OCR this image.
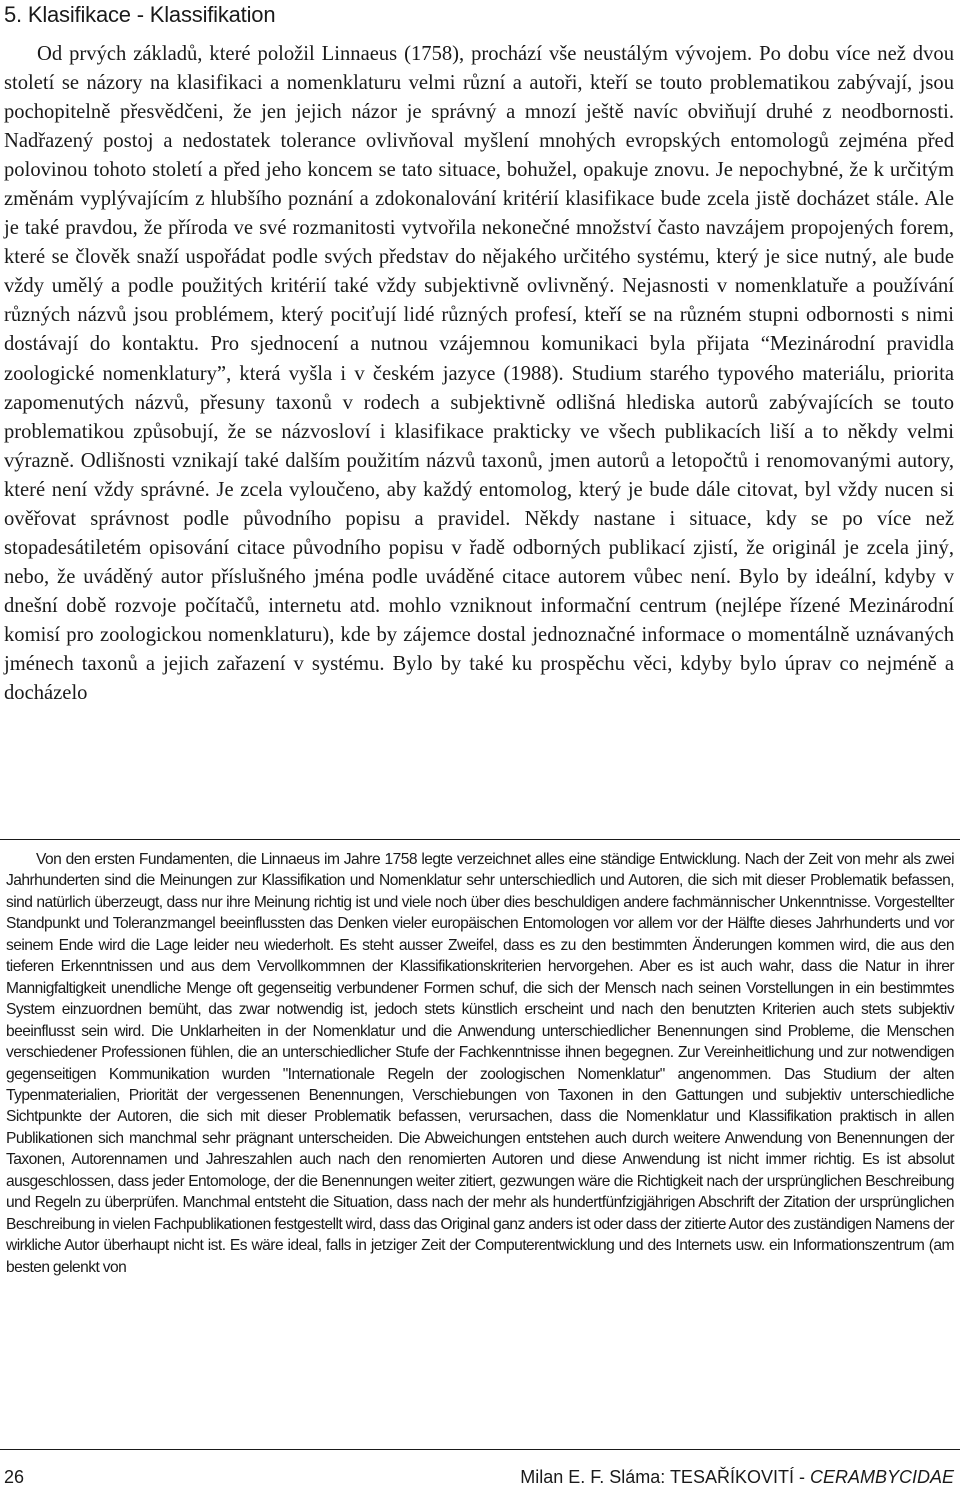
5. Klasifikace - Klassifikation

Od prvých základů, které položil Linnaeus (1758), prochází vše neustálým vývojem. Po dobu více než dvou století se názory na klasifikaci a nomenklaturu velmi různí a autoři, kteří se touto problematikou zabývají, jsou pochopitelně přesvědčeni, že jen jejich názor je správný a mnozí ještě navíc obviňují druhé z neodbornosti. Nadřazený postoj a nedostatek tolerance ovlivňoval myšlení mnohých evropských entomologů zejména před polovinou tohoto století a před jeho koncem se tato situace, bohužel, opakuje znovu. Je nepochybné, že k určitým změnám vyplývajícím z hlubšího poznání a zdokonalování kritérií klasifikace bude zcela jistě docházet stále. Ale je také pravdou, že příroda ve své rozmanitosti vytvořila nekonečné množství často navzájem propojených forem, které se člověk snaží uspořádat podle svých představ do nějakého určitého systému, který je sice nutný, ale bude vždy umělý a podle použitých kritérií také vždy subjektivně ovlivněný. Nejasnosti v nomenklatuře a používání různých názvů jsou problémem, který pociťují lidé různých profesí, kteří se na různém stupni odbornosti s nimi dostávají do kontaktu. Pro sjednocení a nutnou vzájemnou komunikaci byla přijata “Mezinárodní pravidla zoologické nomenklatury”, která vyšla i v českém jazyce (1988). Studium starého typového materiálu, priorita zapomenutých názvů, přesuny taxonů v rodech a subjektivně odlišná hlediska autorů zabývajících se touto problematikou způsobují, že se názvosloví i klasifikace prakticky ve všech publikacích liší a to někdy velmi výrazně. Odlišnosti vznikají také dalším použitím názvů taxonů, jmen autorů a letopočtů i renomovanými autory, které není vždy správné. Je zcela vyloučeno, aby každý entomolog, který je bude dále citovat, byl vždy nucen si ověřovat správnost podle původního popisu a pravidel. Někdy nastane i situace, kdy se po více než stopadesátiletém opisování citace původního popisu v řadě odborných publikací zjistí, že originál je zcela jiný, nebo, že uváděný autor příslušného jména podle uváděné citace autorem vůbec není. Bylo by ideální, kdyby v dnešní době rozvoje počítačů, internetu atd. mohlo vzniknout informační centrum (nejlépe řízené Mezinárodní komisí pro zoologickou nomenklaturu), kde by zájemce dostal jednoznačné informace o momentálně uznávaných jménech taxonů a jejich zařazení v systému. Bylo by také ku prospěchu věci, kdyby bylo úprav co nejméně a docházelo

Von den ersten Fundamenten, die Linnaeus im Jahre 1758 legte verzeichnet alles eine ständige Entwicklung. Nach der Zeit von mehr als zwei Jahrhunderten sind die Meinungen zur Klassifikation und Nomenklatur sehr unterschiedlich und Autoren, die sich mit dieser Problematik befassen, sind natürlich überzeugt, dass nur ihre Meinung richtig ist und viele noch über dies beschuldigen andere fachmännischer Unkenntnisse. Vorgestellter Standpunkt und Toleranzmangel beeinflussten das Denken vieler europäischen Entomologen vor allem vor der Hälfte dieses Jahrhunderts und vor seinem Ende wird die Lage leider neu wiederholt. Es steht ausser Zweifel, dass es zu den bestimmten Änderungen kommen wird, die aus den tieferen Erkenntnissen und aus dem Vervollkommnen der Klassifikationskriterien hervorgehen. Aber es ist auch wahr, dass die Natur in ihrer Mannigfaltigkeit unendliche Menge oft gegenseitig verbundener Formen schuf, die sich der Mensch nach seinen Vorstellungen in ein bestimmtes System einzuordnen bemüht, das zwar notwendig ist, jedoch stets künstlich erscheint und nach den benutzten Kriterien auch stets subjektiv beeinflusst sein wird. Die Unklarheiten in der Nomenklatur und die Anwendung unterschiedlicher Benennungen sind Probleme, die Menschen verschiedener Professionen fühlen, die an unterschiedlicher Stufe der Fachkenntnisse ihnen begegnen. Zur Vereinheitlichung und zur notwendigen gegenseitigen Kommunikation wurden "Internationale Regeln der zoologischen Nomenklatur" angenommen. Das Studium der alten Typenmaterialien, Priorität der vergessenen Benennungen, Verschiebungen von Taxonen in den Gattungen und subjektiv unterschiedliche Sichtpunkte der Autoren, die sich mit dieser Problematik befassen, verursachen, dass die Nomenklatur und Klassifikation praktisch in allen Publikationen sich manchmal sehr prägnant unterscheiden. Die Abweichungen entstehen auch durch weitere Anwendung von Benennungen der Taxonen, Autorennamen und Jahreszahlen auch nach den renomierten Autoren und diese Anwendung ist nicht immer richtig. Es ist absolut ausgeschlossen, dass jeder Entomologe, der die Benennungen weiter zitiert, gezwungen wäre die Richtigkeit nach der ursprünglichen Beschreibung und Regeln zu überprüfen. Manchmal entsteht die Situation, dass nach der mehr als hundertfünfzigjährigen Abschrift der Zitation der ursprünglichen Beschreibung in vielen Fachpublikationen festgestellt wird, dass das Original ganz anders ist oder dass der zitierte Autor des zuständigen Namens der wirkliche Autor überhaupt nicht ist. Es wäre ideal, falls in jetziger Zeit der Computerentwicklung und des Internets usw. ein Informationszentrum (am besten gelenkt von

26	Milan E. F. Sláma: TESAŘÍKOVITÍ - CERAMBYCIDAE
